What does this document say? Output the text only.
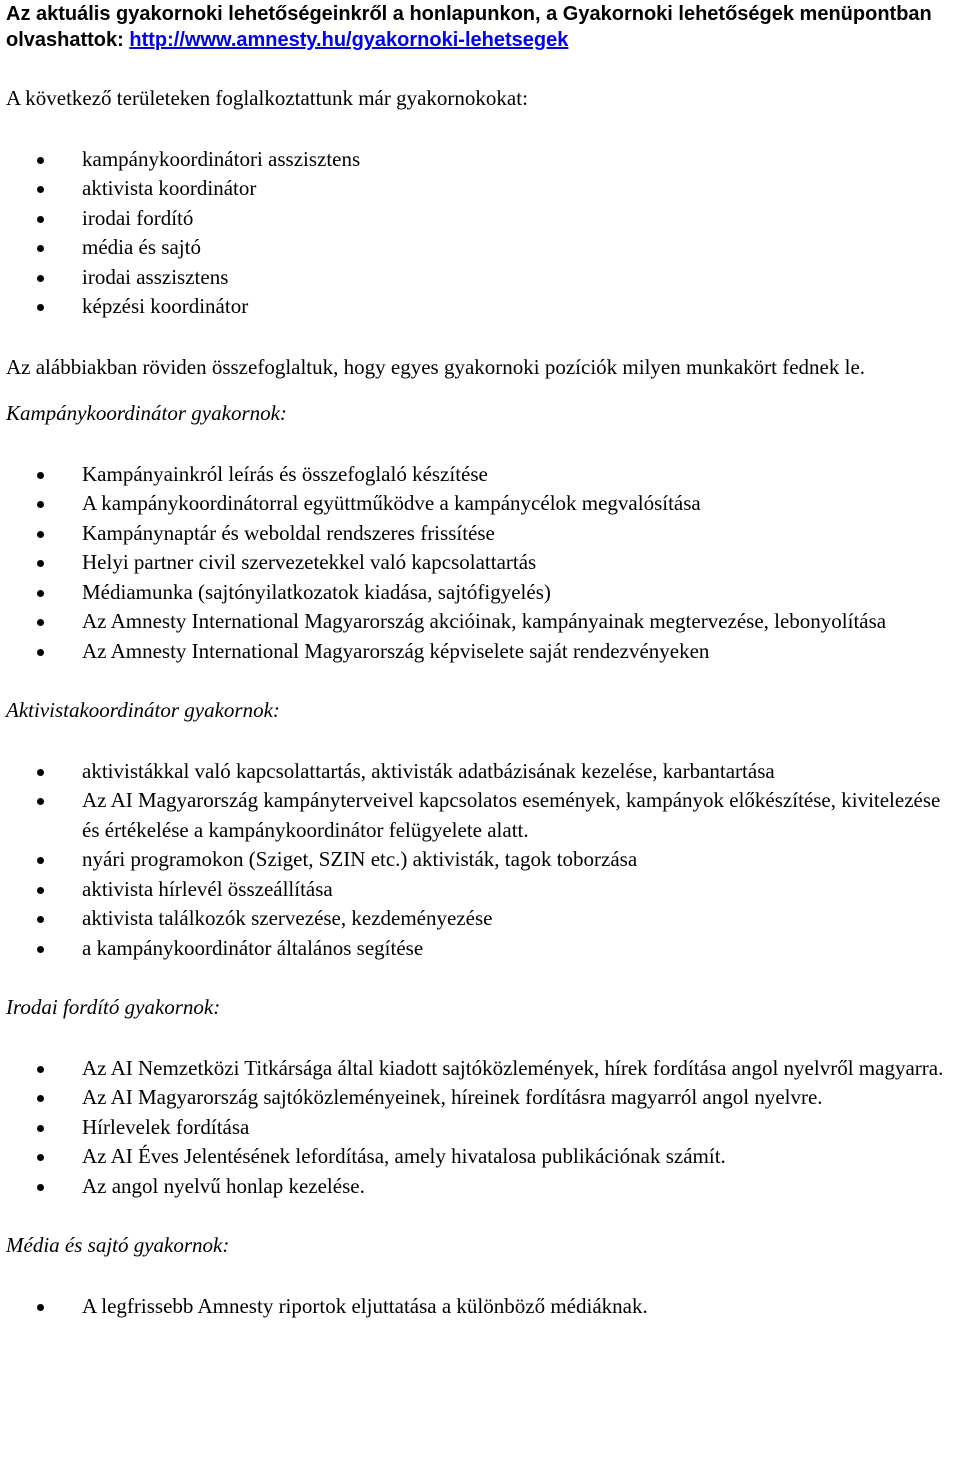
Az aktuális gyakornoki lehetőségeinkről a honlapunkon, a Gyakornoki lehetőségek menüpontban olvashattok: http://www.amnesty.hu/gyakornoki-lehetsegek

A következő területeken foglalkoztattunk már gyakornokokat:

kampánykoordinátori asszisztens
aktivista koordinátor
irodai fordító
média és sajtó
irodai asszisztens
képzési koordinátor

Az alábbiakban röviden összefoglaltuk, hogy egyes gyakornoki pozíciók milyen munkakört fednek le.

Kampánykoordinátor gyakornok:

Kampányainkról leírás és összefoglaló készítése
A kampánykoordinátorral együttműködve a kampánycélok megvalósítása
Kampánynaptár és weboldal rendszeres frissítése
Helyi partner civil szervezetekkel való kapcsolattartás
Médiamunka (sajtónyilatkozatok kiadása, sajtófigyelés)
Az Amnesty International Magyarország akcióinak, kampányainak megtervezése, lebonyolítása
Az Amnesty International Magyarország képviselete saját rendezvényeken

Aktivistakoordinátor gyakornok:

aktivistákkal való kapcsolattartás, aktivisták adatbázisának kezelése, karbantartása
Az AI Magyarország kampányterveivel kapcsolatos események, kampányok előkészítése, kivitelezése és értékelése a kampánykoordinátor felügyelete alatt.
nyári programokon (Sziget, SZIN etc.) aktivisták, tagok toborzása
aktivista hírlevél összeállítása
aktivista találkozók szervezése, kezdeményezése
a kampánykoordinátor általános segítése

Irodai fordító gyakornok:

Az AI Nemzetközi Titkársága által kiadott sajtóközlemények, hírek fordítása angol nyelvről magyarra.
Az AI Magyarország sajtóközleményeinek, híreinek fordításra magyarról angol nyelvre.
Hírlevelek fordítása
Az AI Éves Jelentésének lefordítása, amely hivatalosa publikációnak számít.
Az angol nyelvű honlap kezelése.

Média és sajtó gyakornok:

A legfrissebb Amnesty riportok eljuttatása a különböző médiáknak.
